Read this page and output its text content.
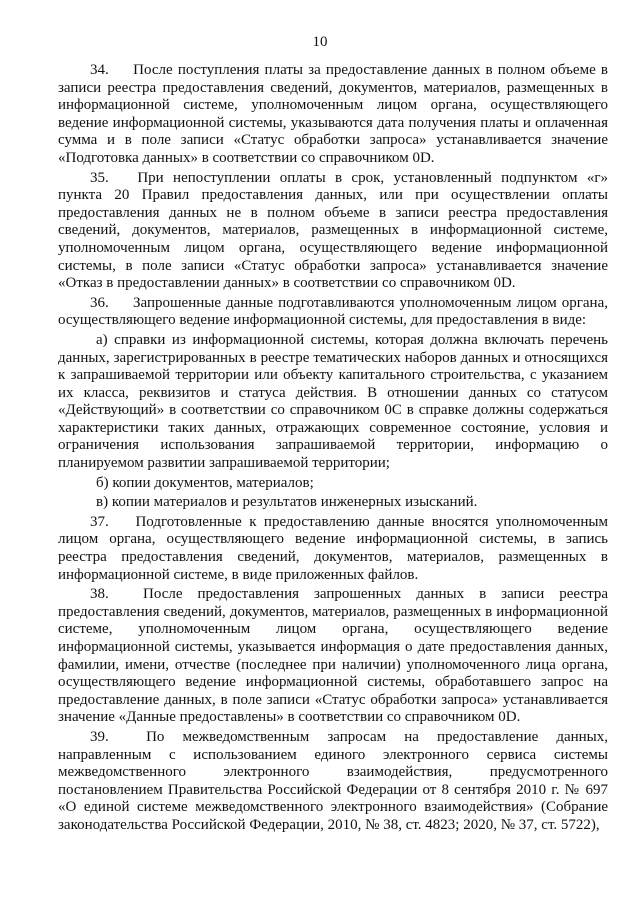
10

34. После поступления платы за предоставление данных в полном объеме в записи реестра предоставления сведений, документов, материалов, размещенных в информационной системе, уполномоченным лицом органа, осуществляющего ведение информационной системы, указываются дата получения платы и оплаченная сумма и в поле записи «Статус обработки запроса» устанавливается значение «Подготовка данных» в соответствии со справочником 0D.

35. При непоступлении оплаты в срок, установленный подпунктом «г» пункта 20 Правил предоставления данных, или при осуществлении оплаты предоставления данных не в полном объеме в записи реестра предоставления сведений, документов, материалов, размещенных в информационной системе, уполномоченным лицом органа, осуществляющего ведение информационной системы, в поле записи «Статус обработки запроса» устанавливается значение «Отказ в предоставлении данных» в соответствии со справочником 0D.

36. Запрошенные данные подготавливаются уполномоченным лицом органа, осуществляющего ведение информационной системы, для предоставления в виде:

а) справки из информационной системы, которая должна включать перечень данных, зарегистрированных в реестре тематических наборов данных и относящихся к запрашиваемой территории или объекту капитального строительства, с указанием их класса, реквизитов и статуса действия. В отношении данных со статусом «Действующий» в соответствии со справочником 0C в справке должны содержаться характеристики таких данных, отражающих современное состояние, условия и ограничения использования запрашиваемой территории, информацию о планируемом развитии запрашиваемой территории;

б) копии документов, материалов;

в) копии материалов и результатов инженерных изысканий.

37. Подготовленные к предоставлению данные вносятся уполномоченным лицом органа, осуществляющего ведение информационной системы, в запись реестра предоставления сведений, документов, материалов, размещенных в информационной системе, в виде приложенных файлов.

38. После предоставления запрошенных данных в записи реестра предоставления сведений, документов, материалов, размещенных в информационной системе, уполномоченным лицом органа, осуществляющего ведение информационной системы, указывается информация о дате предоставления данных, фамилии, имени, отчестве (последнее при наличии) уполномоченного лица органа, осуществляющего ведение информационной системы, обработавшего запрос на предоставление данных, в поле записи «Статус обработки запроса» устанавливается значение «Данные предоставлены» в соответствии со справочником 0D.

39. По межведомственным запросам на предоставление данных, направленным с использованием единого электронного сервиса системы межведомственного электронного взаимодействия, предусмотренного постановлением Правительства Российской Федерации от 8 сентября 2010 г. № 697 «О единой системе межведомственного электронного взаимодействия» (Собрание законодательства Российской Федерации, 2010, № 38, ст. 4823; 2020, № 37, ст. 5722),
